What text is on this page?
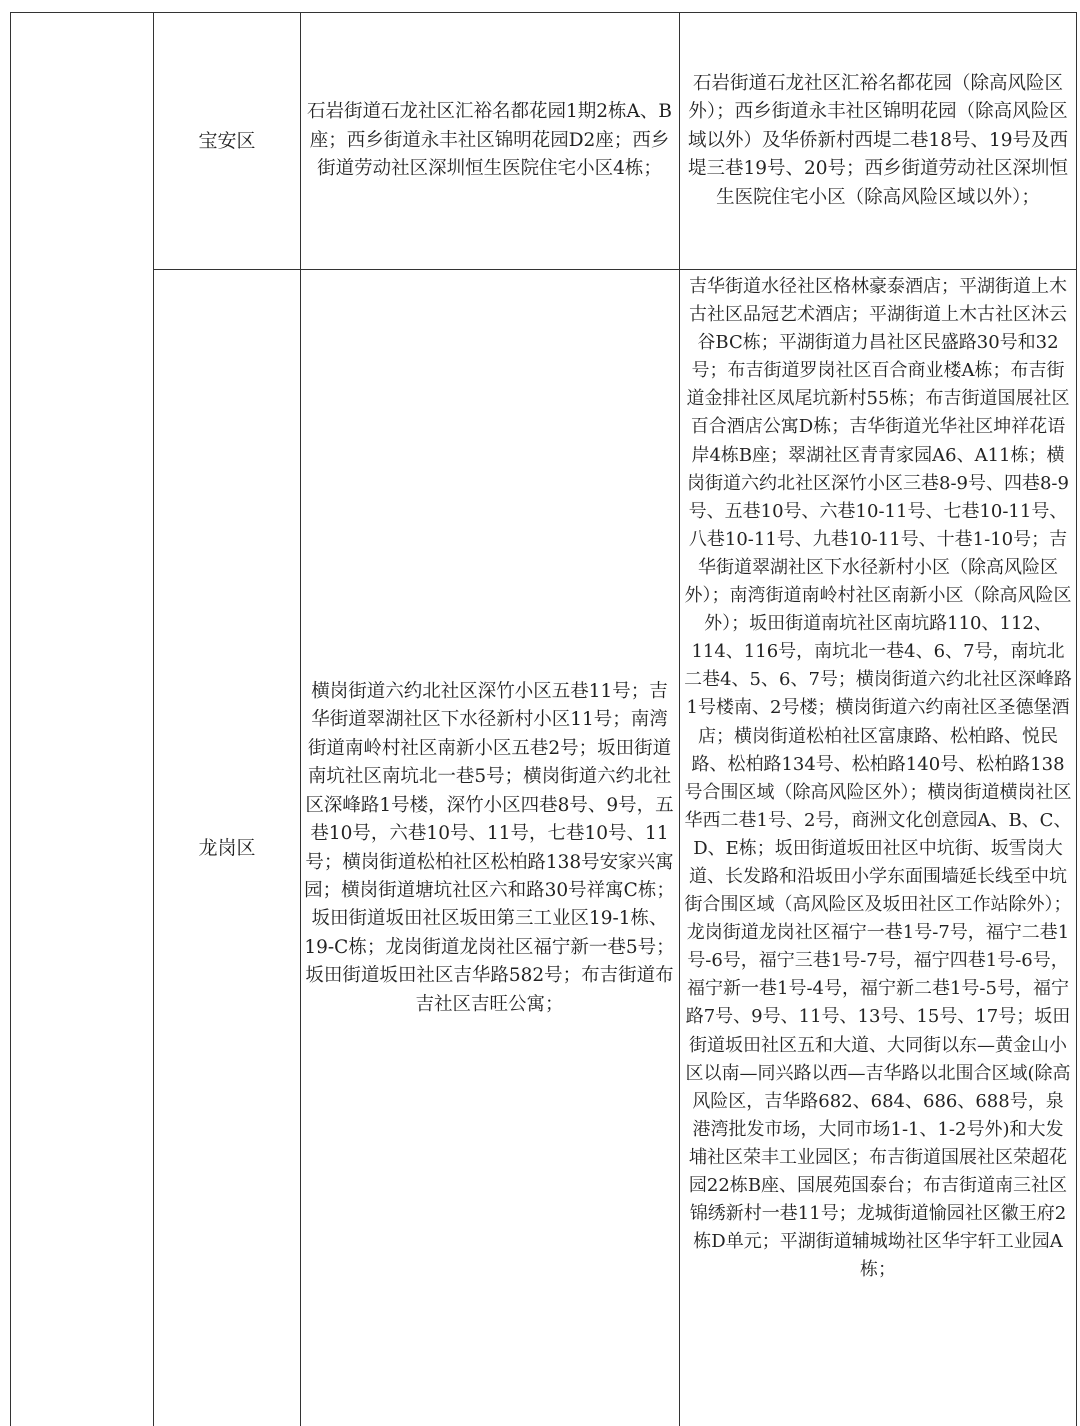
宝安区
石岩街道石龙社区汇裕名都花园1期2栋A、B座；西乡街道永丰社区锦明花园D2座；西乡街道劳动社区深圳恒生医院住宅小区4栋；
石岩街道石龙社区汇裕名都花园（除高风险区外）；西乡街道永丰社区锦明花园（除高风险区域以外）及华侨新村西堤二巷18号、19号及西堤三巷19号、20号；西乡街道劳动社区深圳恒生医院住宅小区（除高风险区域以外）；
龙岗区
横岗街道六约北社区深竹小区五巷11号；吉华街道翠湖社区下水径新村小区11号；南湾街道南岭村社区南新小区五巷2号；坂田街道南坑社区南坑北一巷5号；横岗街道六约北社区深峰路1号楼，深竹小区四巷8号、9号，五巷10号，六巷10号、11号，七巷10号、11号；横岗街道松柏社区松柏路138号安家兴寓园；横岗街道塘坑社区六和路30号祥寓C栋；坂田街道坂田社区坂田第三工业区19-1栋、19-C栋；龙岗街道龙岗社区福宁新一巷5号；坂田街道坂田社区吉华路582号；布吉街道布吉社区吉旺公寓；
吉华街道水径社区格林豪泰酒店；平湖街道上木古社区品冠艺术酒店；平湖街道上木古社区沐云谷BC栋；平湖街道力昌社区民盛路30号和32号；布吉街道罗岗社区百合商业楼A栋；布吉街道金排社区凤尾坑新村55栋；布吉街道国展社区百合酒店公寓D栋；吉华街道光华社区坤祥花语岸4栋B座；翠湖社区青青家园A6、A11栋；横岗街道六约北社区深竹小区三巷8-9号、四巷8-9号、五巷10号、六巷10-11号、七巷10-11号、八巷10-11号、九巷10-11号、十巷1-10号；吉华街道翠湖社区下水径新村小区（除高风险区外）；南湾街道南岭村社区南新小区（除高风险区外）；坂田街道南坑社区南坑路110、112、114、116号，南坑北一巷4、6、7号，南坑北二巷4、5、6、7号；横岗街道六约北社区深峰路1号楼南、2号楼；横岗街道六约南社区圣德堡酒店；横岗街道松柏社区富康路、松柏路、悦民路、松柏路134号、松柏路140号、松柏路138号合围区域（除高风险区外）；横岗街道横岗社区华西二巷1号、2号，商洲文化创意园A、B、C、D、E栋；坂田街道坂田社区中坑街、坂雪岗大道、长发路和沿坂田小学东面围墙延长线至中坑街合围区域（高风险区及坂田社区工作站除外）；龙岗街道龙岗社区福宁一巷1号-7号，福宁二巷1号-6号，福宁三巷1号-7号，福宁四巷1号-6号，福宁新一巷1号-4号，福宁新二巷1号-5号，福宁路7号、9号、11号、13号、15号、17号；坂田街道坂田社区五和大道、大同街以东—黄金山小区以南—同兴路以西—吉华路以北围合区域(除高风险区，吉华路682、684、686、688号，泉港湾批发市场，大同市场1-1、1-2号外)和大发埔社区荣丰工业园区；布吉街道国展社区荣超花园22栋B座、国展苑国泰台；布吉街道南三社区锦绣新村一巷11号；龙城街道愉园社区徽王府2栋D单元；平湖街道辅城坳社区华宇轩工业园A栋；
